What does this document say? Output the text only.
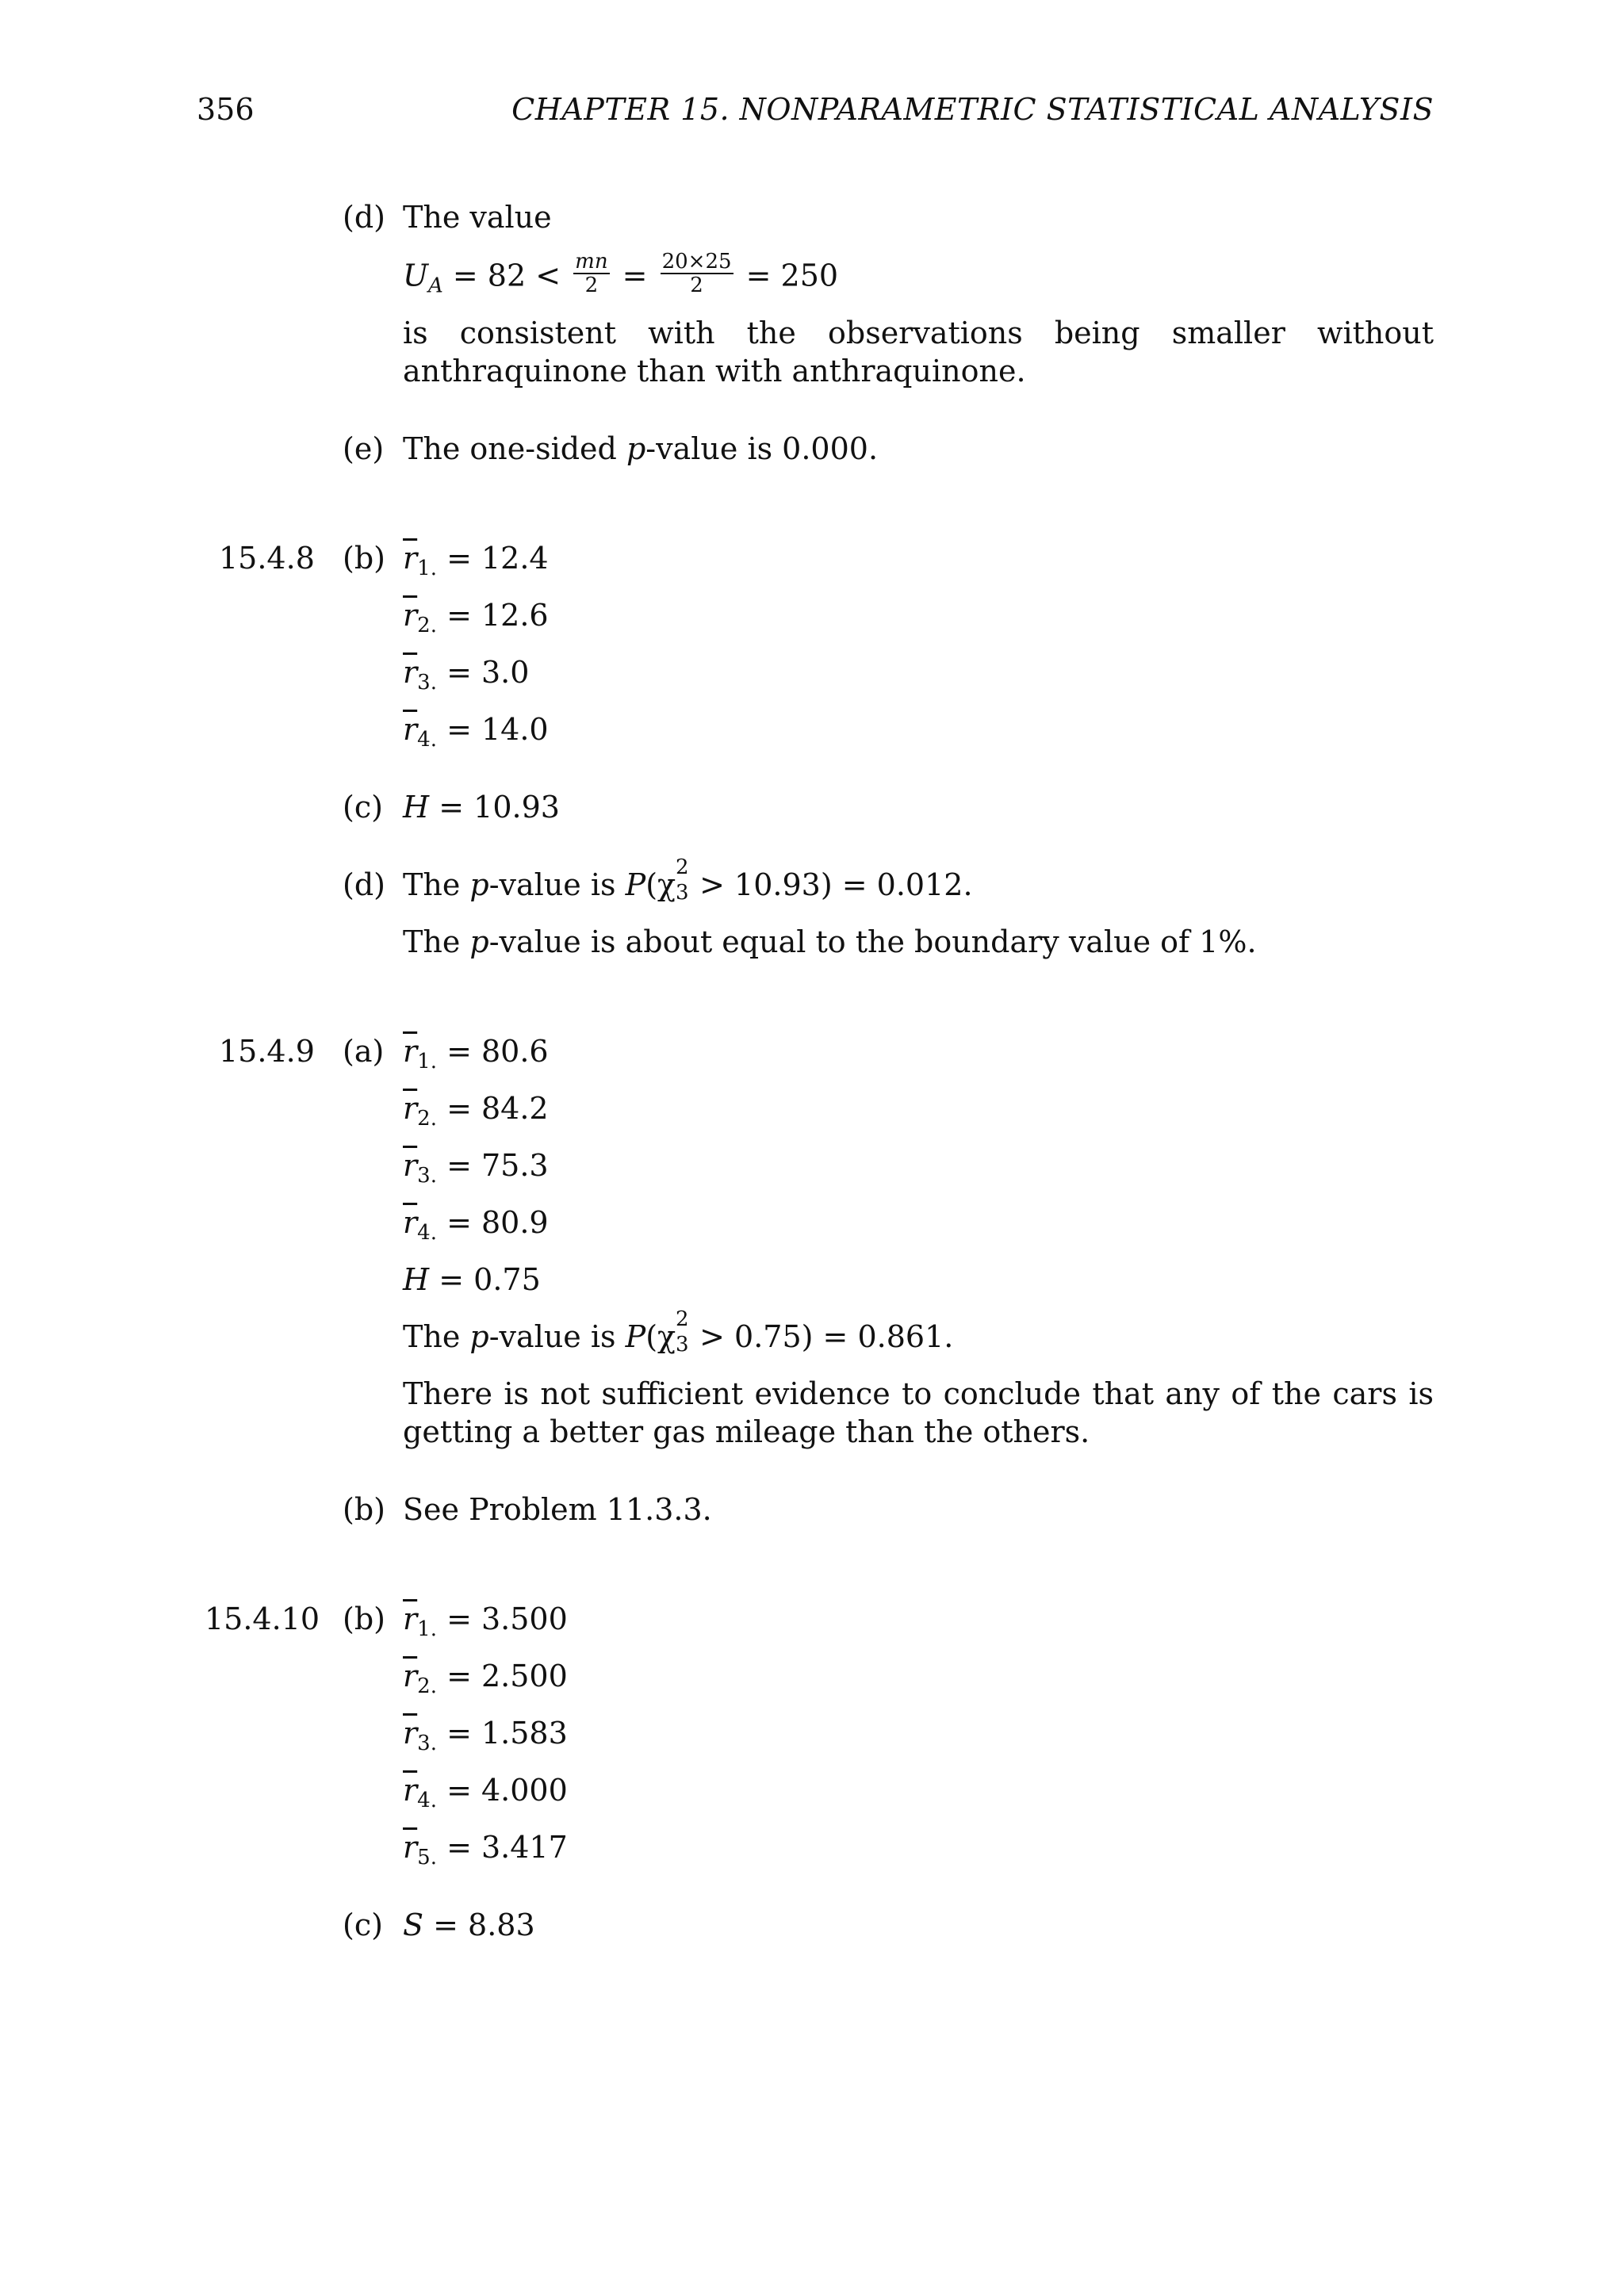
356	CHAPTER 15. NONPARAMETRIC STATISTICAL ANALYSIS
(d) The value
$U_A = 82 < \frac{mn}{2} = \frac{20\times 25}{2} = 250$
is consistent with the observations being smaller without anthraquinone than with anthraquinone.
(e) The one-sided p-value is 0.000.
15.4.8 (b) $\overline{r}_{1.} = 12.4$
$\overline{r}_{2.} = 12.6$
$\overline{r}_{3.} = 3.0$
$\overline{r}_{4.} = 14.0$
(c) H = 10.93
(d) The p-value is P(χ 2
3 > 10.93) = 0.012.
The p-value is about equal to the boundary value of 1%.
15.4.9 (a) $\overline{r}_{1.} = 80.6$
$\overline{r}_{2.} = 84.2$
$\overline{r}_{3.} = 75.3$
$\overline{r}_{4.} = 80.9$
H = 0.75
The p-value is P(χ 2
3 > 0.75) = 0.861.
There is not sufficient evidence to conclude that any of the cars is getting a better gas mileage than the others.
(b) See Problem 11.3.3.
15.4.10 (b) $\overline{r}_{1.} = 3.500$
$\overline{r}_{2.} = 2.500$
$\overline{r}_{3.} = 1.583$
$\overline{r}_{4.} = 4.000$
$\overline{r}_{5.} = 3.417$
(c) S = 8.83
